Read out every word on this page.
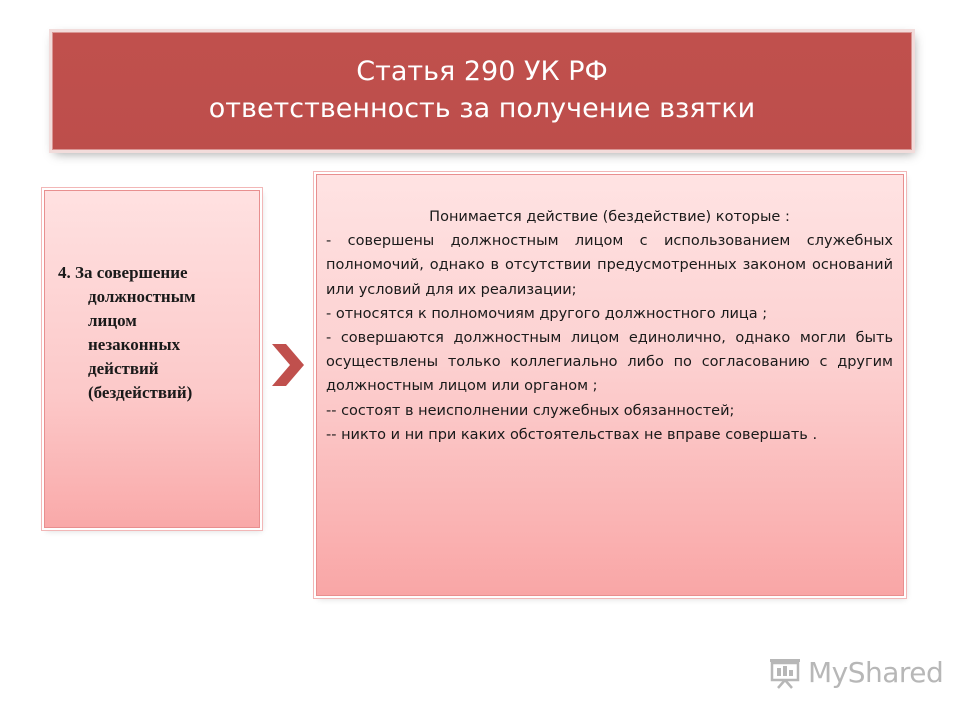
Статья 290 УК РФ
ответственность за получение взятки
4. За совершение
должностным
лицом
незаконных
действий
(бездействий)
Понимается действие (бездействие) которые :
- совершены должностным лицом с использованием служебных полномочий, однако в отсутствии предусмотренных законом оснований или условий для их реализации;
- относятся к полномочиям другого должностного лица ;
- совершаются должностным лицом единолично, однако могли быть осуществлены только коллегиально либо по согласованию с другим должностным лицом или органом ;
-- состоят в неисполнении служебных обязанностей;
-- никто и ни при каких обстоятельствах не вправе совершать .
MyShared
